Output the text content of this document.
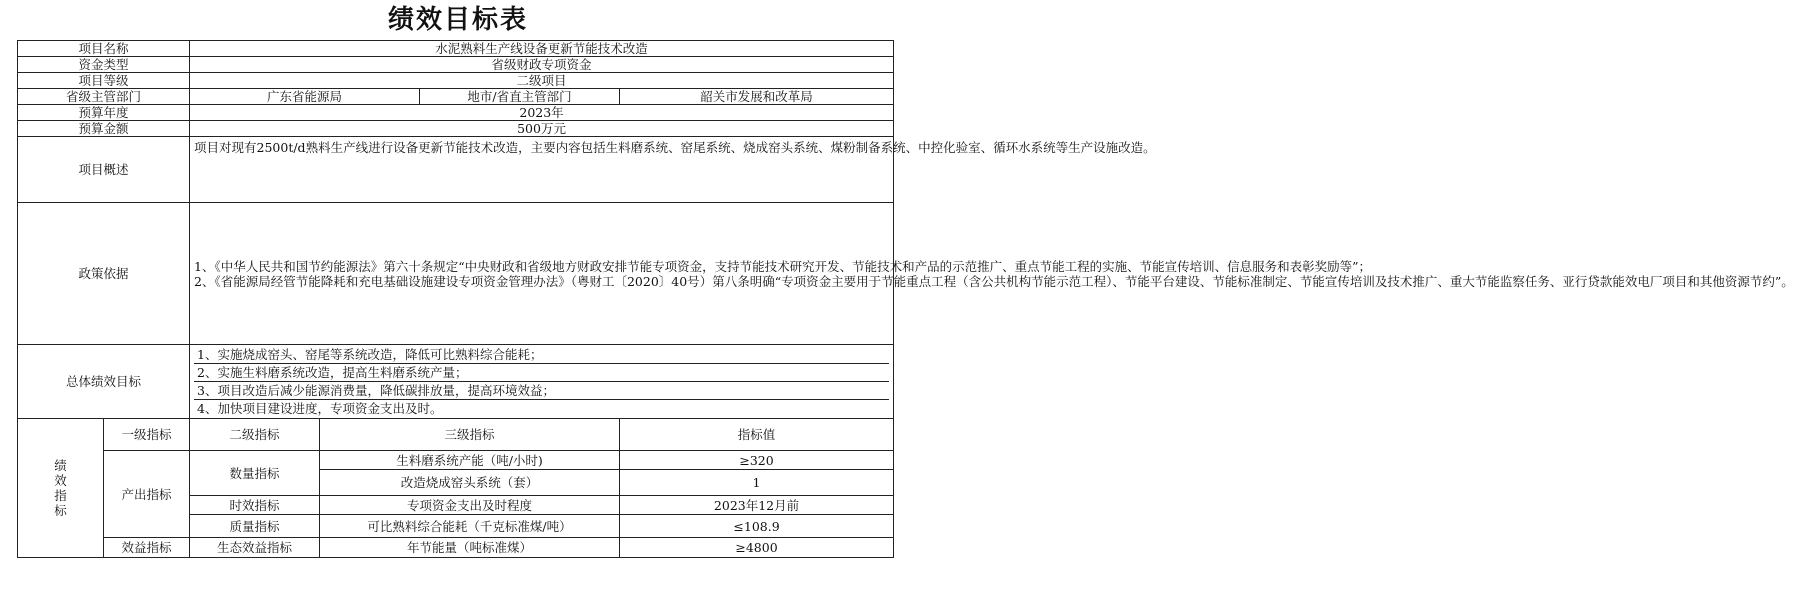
绩效目标表
项目名称		水泥熟料生产线设备更新节能技术改造			
资金类型		省级财政专项资金			
项目等级		二级项目			
省级主管部门		广东省能源局		地市/省直主管部门	韶关市发展和改革局
预算年度		2023年			
预算金额		500万元			
项目概述		项目对现有2500t/d熟料生产线进行设备更新节能技术改造，主要内容包括生料磨系统、窑尾系统、烧成窑头系统、煤粉制备系统、中控化验室、循环水系统等生产设施改造。			
政策依据		1、《中华人民共和国节约能源法》第六十条规定“中央财政和省级地方财政安排节能专项资金，支持节能技术研究开发、节能技术和产品的示范推广、重点节能工程的实施、节能宣传培训、信息服务和表彰奖励等”；
2、《省能源局经管节能降耗和充电基础设施建设专项资金管理办法》（粤财工〔2020〕40号）第八条明确“专项资金主要用于节能重点工程（含公共机构节能示范工程）、节能平台建设、节能标准制定、节能宣传培训及技术推广、重大节能监察任务、亚行贷款能效电厂项目和其他资源节约”。			

总体绩效目标		1、实施烧成窑头、窑尾等系统改造，降低可比熟料综合能耗；
2、实施生料磨系统改造，提高生料磨系统产量；
3、项目改造后减少能源消费量，降低碳排放量，提高环境效益；
4、加快项目建设进度，专项资金支出及时。			

绩
效
指
标	一级指标	二级指标	三级指标		指标值
	产出指标	数量指标	生料磨系统产能（吨/小时)		≥320
			改造烧成窑头系统（套）		1
		时效指标	专项资金支出及时程度		2023年12月前
		质量指标	可比熟料综合能耗（千克标准煤/吨）		≤108.9
	效益指标	生态效益指标	年节能量（吨标准煤）		≥4800
